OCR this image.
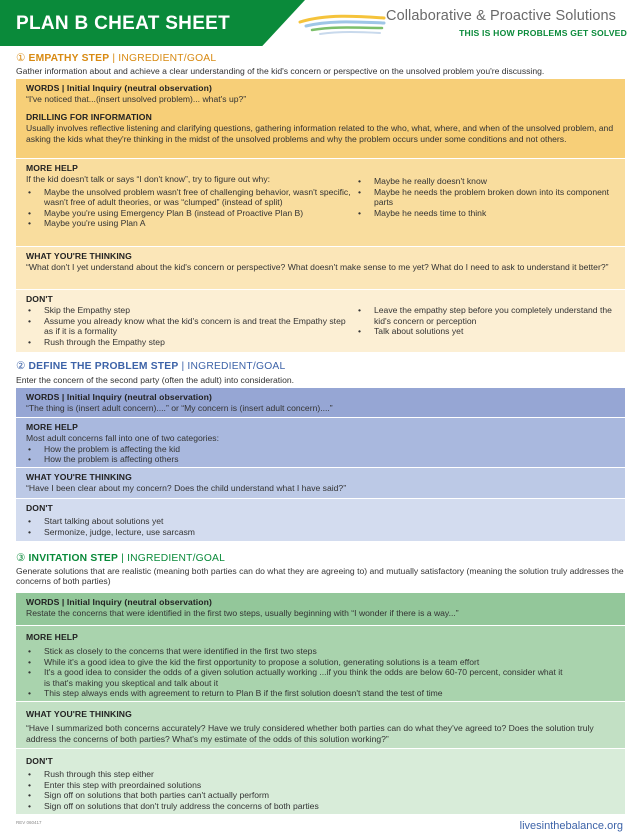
PLAN B CHEAT SHEET	Collaborative & Proactive Solutions
THIS IS HOW PROBLEMS GET SOLVED
① EMPATHY STEP | INGREDIENT/GOAL
Gather information about and achieve a clear understanding of the kid's concern or perspective on the unsolved problem you're discussing.
WORDS | Initial Inquiry (neutral observation)

“I've noticed that...(insert unsolved problem)... what's up?”

DRILLING FOR INFORMATION

Usually involves reflective listening and clarifying questions, gathering information related to the who, what, where, and when of the unsolved problem, and asking the kids what they're thinking in the midst of the unsolved problems and why the problem occurs under some conditions and not others.

MORE HELP

If the kid doesn't talk or says “I don't know”, try to figure out why:

• Maybe the unsolved problem wasn't free of challenging behavior, wasn't specific, wasn't free of adult theories, or was “clumped” (instead of split)
• Maybe you're using Emergency Plan B (instead of Proactive Plan B)
• Maybe you're using Plan A
• Maybe he really doesn't know
• Maybe he needs the problem broken down into its component parts
• Maybe he needs time to think
WHAT YOU'RE THINKING

“What don't I yet understand about the kid's concern or perspective? What doesn't make sense to me yet? What do I need to ask to understand it better?”

DON'T
• Skip the Empathy step
• Assume you already know what the kid's concern is and treat the Empathy step as if it is a formality
• Rush through the Empathy step
• Leave the empathy step before you completely understand the kid's concern or perception
• Talk about solutions yet
② DEFINE THE PROBLEM STEP | INGREDIENT/GOAL
Enter the concern of the second party (often the adult) into consideration.
WORDS | Initial Inquiry (neutral observation)

“The thing is (insert adult concern)....” or “My concern is (insert adult concern)....”

MORE HELP

Most adult concerns fall into one of two categories:

• How the problem is affecting the kid
• How the problem is affecting others
WHAT YOU'RE THINKING

“Have I been clear about my concern? Does the child understand what I have said?”

DON'T
• Start talking about solutions yet
• Sermonize, judge, lecture, use sarcasm
③ INVITATION STEP | INGREDIENT/GOAL
Generate solutions that are realistic (meaning both parties can do what they are agreeing to) and mutually satisfactory (meaning the solution truly addresses the concerns of both parties)
WORDS | Initial Inquiry (neutral observation)

Restate the concerns that were identified in the first two steps, usually beginning with “I wonder if there is a way...”

MORE HELP
• Stick as closely to the concerns that were identified in the first two steps
• While it's a good idea to give the kid the first opportunity to propose a solution, generating solutions is a team effort
• It's a good idea to consider the odds of a given solution actually working ...if you think the odds are below 60-70 percent, consider what it is that's making you skeptical and talk about it
• This step always ends with agreement to return to Plan B if the first solution doesn't stand the test of time
WHAT YOU'RE THINKING

“Have I summarized both concerns accurately? Have we truly considered whether both parties can do what they've agreed to? Does the solution truly address the concerns of both parties? What's my estimate of the odds of this solution working?”

DON'T
• Rush through this step either
• Enter this step with preordained solutions
• Sign off on solutions that both parties can't actually perform
• Sign off on solutions that don't truly address the concerns of both parties
REV 060417	livesinthebalance.org
